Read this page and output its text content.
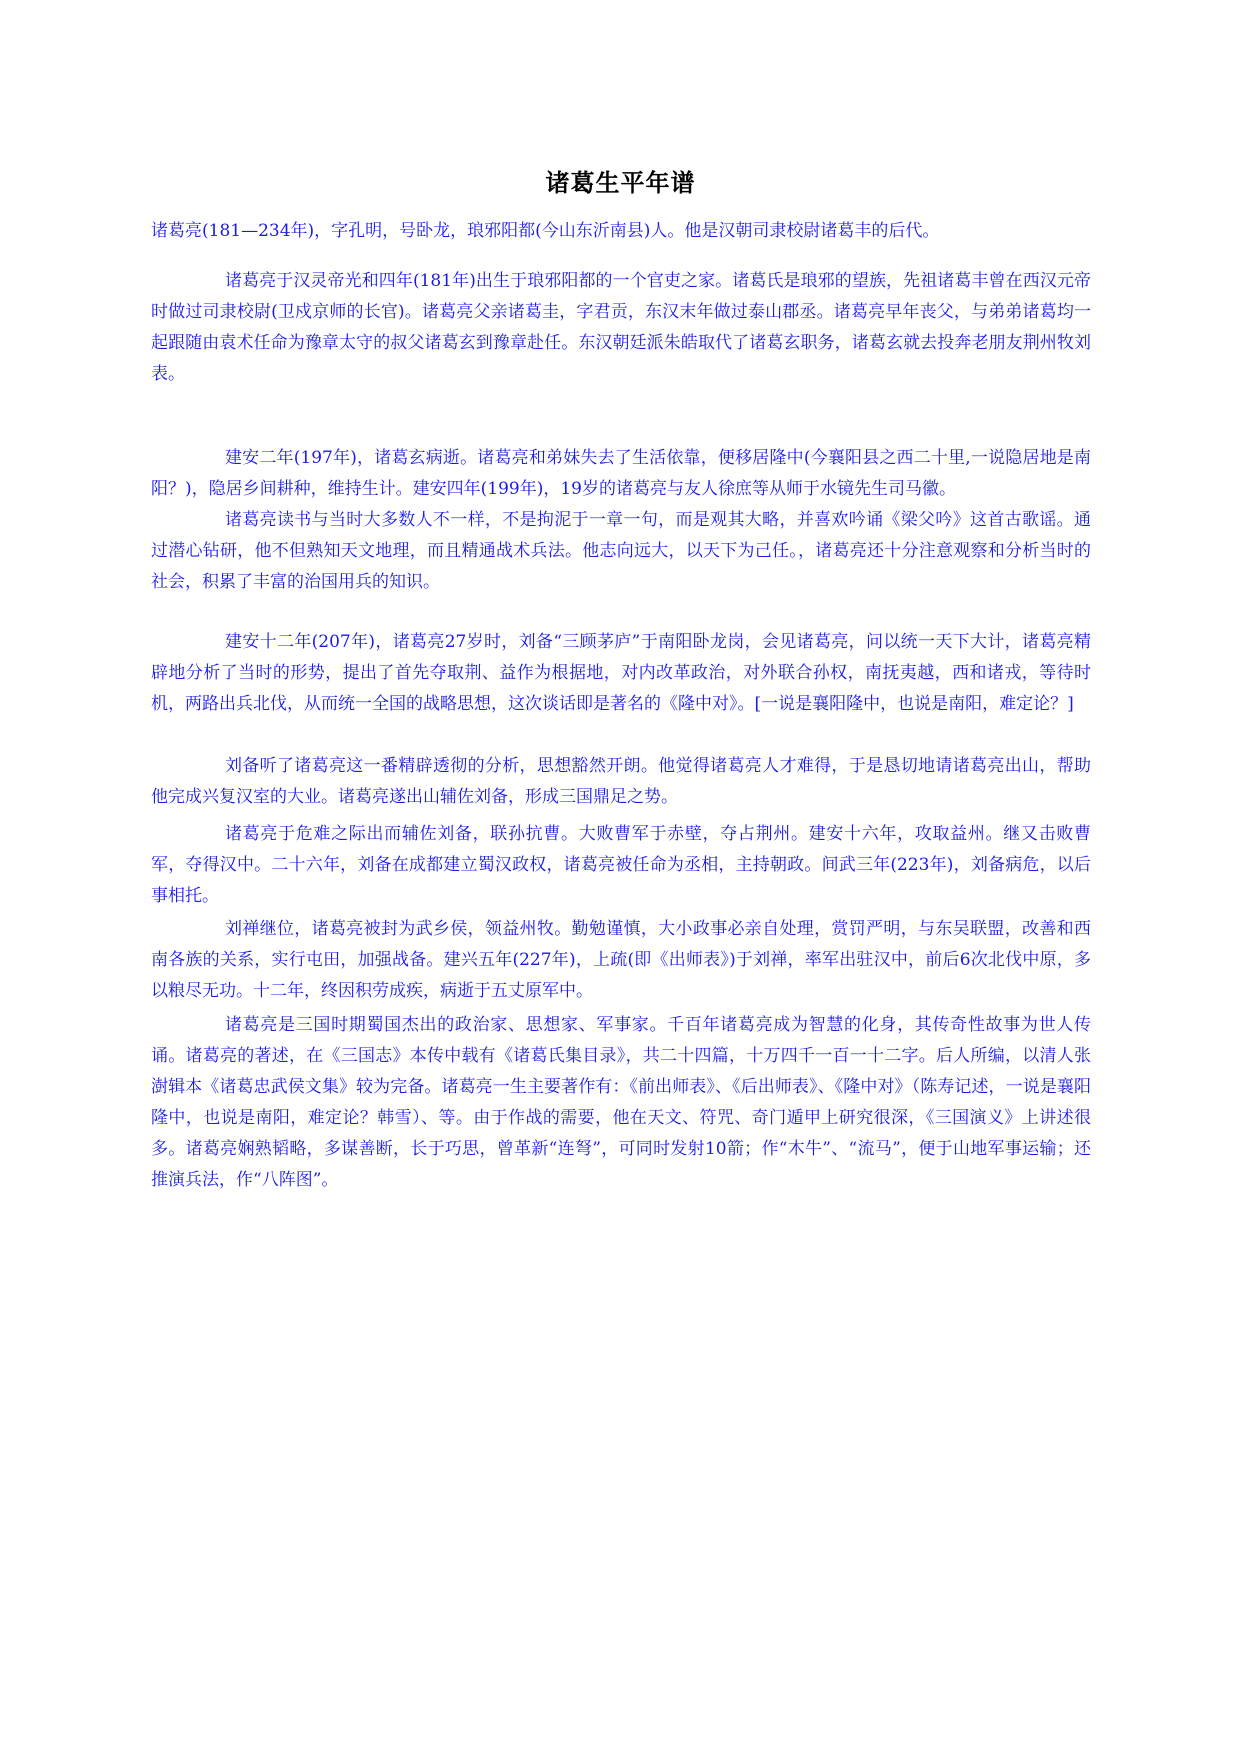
诸葛生平年谱

诸葛亮(181—234年)，字孔明，号卧龙，琅邪阳都(今山东沂南县)人。他是汉朝司隶校尉诸葛丰的后代。

诸葛亮于汉灵帝光和四年(181年)出生于琅邪阳都的一个官吏之家。诸葛氏是琅邪的望族，先祖诸葛丰曾在西汉元帝时做过司隶校尉(卫戍京师的长官)。诸葛亮父亲诸葛圭，字君贡，东汉末年做过泰山郡丞。诸葛亮早年丧父，与弟弟诸葛均一起跟随由袁术任命为豫章太守的叔父诸葛玄到豫章赴任。东汉朝廷派朱皓取代了诸葛玄职务，诸葛玄就去投奔老朋友荆州牧刘表。

建安二年(197年)，诸葛玄病逝。诸葛亮和弟妹失去了生活依靠，便移居隆中(今襄阳县之西二十里,一说隐居地是南阳？)，隐居乡间耕种，维持生计。建安四年(199年)，19岁的诸葛亮与友人徐庶等从师于水镜先生司马徽。

诸葛亮读书与当时大多数人不一样，不是拘泥于一章一句，而是观其大略，并喜欢吟诵《梁父吟》这首古歌谣。通过潜心钻研，他不但熟知天文地理，而且精通战术兵法。他志向远大，以天下为己任。，诸葛亮还十分注意观察和分析当时的社会，积累了丰富的治国用兵的知识。

建安十二年(207年)，诸葛亮27岁时，刘备“三顾茅庐”于南阳卧龙岗，会见诸葛亮，问以统一天下大计，诸葛亮精辟地分析了当时的形势，提出了首先夺取荆、益作为根据地，对内改革政治，对外联合孙权，南抚夷越，西和诸戎，等待时机，两路出兵北伐，从而统一全国的战略思想，这次谈话即是著名的《隆中对》。[一说是襄阳隆中，也说是南阳，难定论？]

刘备听了诸葛亮这一番精辟透彻的分析，思想豁然开朗。他觉得诸葛亮人才难得，于是恳切地请诸葛亮出山，帮助他完成兴复汉室的大业。诸葛亮遂出山辅佐刘备，形成三国鼎足之势。

诸葛亮于危难之际出而辅佐刘备，联孙抗曹。大败曹军于赤壁，夺占荆州。建安十六年，攻取益州。继又击败曹军，夺得汉中。二十六年，刘备在成都建立蜀汉政权，诸葛亮被任命为丞相，主持朝政。间武三年(223年)，刘备病危，以后事相托。

刘禅继位，诸葛亮被封为武乡侯，领益州牧。勤勉谨慎，大小政事必亲自处理，赏罚严明，与东吴联盟，改善和西南各族的关系，实行屯田，加强战备。建兴五年(227年)，上疏(即《出师表》)于刘禅，率军出驻汉中，前后6次北伐中原，多以粮尽无功。十二年，终因积劳成疾，病逝于五丈原军中。

诸葛亮是三国时期蜀国杰出的政治家、思想家、军事家。千百年诸葛亮成为智慧的化身，其传奇性故事为世人传诵。诸葛亮的著述，在《三国志》本传中载有《诸葛氏集目录》，共二十四篇，十万四千一百一十二字。后人所编，以清人张澍辑本《诸葛忠武侯文集》较为完备。诸葛亮一生主要著作有：《前出师表》、《后出师表》、《隆中对》（陈寿记述，一说是襄阳隆中，也说是南阳，难定论？韩雪）、等。由于作战的需要，他在天文、符咒、奇门遁甲上研究很深，《三国演义》上讲述很多。诸葛亮娴熟韬略，多谋善断，长于巧思，曾革新“连弩”，可同时发射10箭；作“木牛”、“流马”，便于山地军事运输；还推演兵法，作“八阵图”。
